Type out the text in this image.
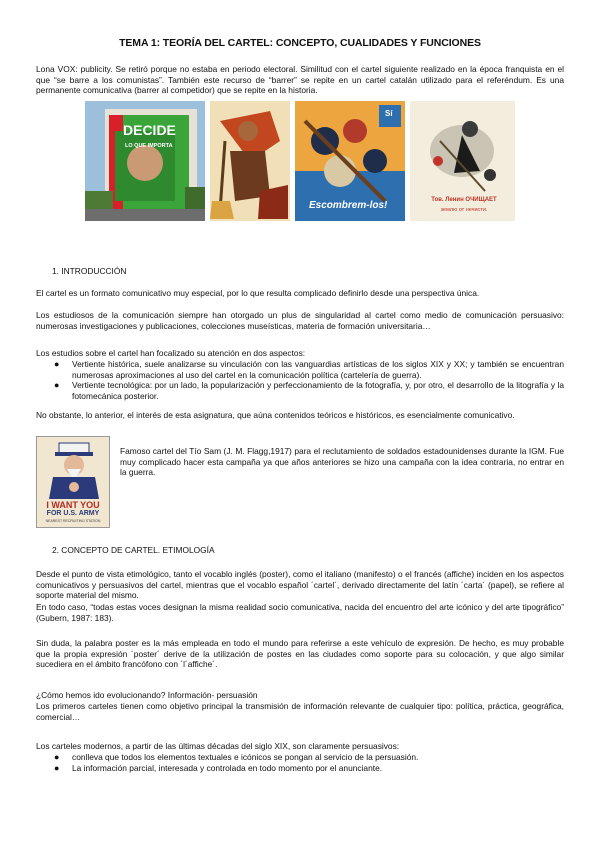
TEMA 1: TEORÍA DEL CARTEL: CONCEPTO, CUALIDADES Y FUNCIONES
Lona VOX: publicity. Se retiró porque no estaba en periodo electoral. Similitud con el cartel siguiente realizado en la época franquista en el que “se barre a los comunistas”. También este recurso de “barrer” se repite en un cartel catalán utilizado para el referéndum. Es una permanente comunicativa (barrer al competidor) que se repite en la historia.
DECIDE
LO QUE IMPORTA
Sí
Escombrem-los!	Тов. Ленин ОЧИЩАЕТ
землю от нечисти.
1. INTRODUCCIÓN
El cartel es un formato comunicativo muy especial, por lo que resulta complicado definirlo desde una perspectiva única.
Los estudiosos de la comunicación siempre han otorgado un plus de singularidad al cartel como medio de comunicación persuasivo: numerosas investigaciones y publicaciones, colecciones museísticas, materia de formación universitaria…
Los estudios sobre el cartel han focalizado su atención en dos aspectos:
● Vertiente histórica, suele analizarse su vinculación con las vanguardias artísticas de los siglos XIX y XX; y también se encuentran numerosas aproximaciones al uso del cartel en la comunicación política (cartelería de guerra).
● Vertiente tecnológica: por un lado, la popularización y perfeccionamiento de la fotografía, y, por otro, el desarrollo de la litografía y la fotomecánica posterior.
No obstante, lo anterior, el interés de esta asignatura, que aúna contenidos teóricos e históricos, es esencialmente comunicativo.
I WANT YOU
FOR U.S. ARMY
NEAREST RECRUITING STATION
Famoso cartel del Tío Sam (J. M. Flagg,1917) para el reclutamiento de soldados estadounidenses durante la IGM. Fue muy complicado hacer esta campaña ya que años anteriores se hizo una campaña con la idea contraria, no entrar en la guerra.
2. CONCEPTO DE CARTEL. ETIMOLOGÍA
Desde el punto de vista etimológico, tanto el vocablo inglés (poster), como el italiano (manifesto) o el francés (affiche) inciden en los aspectos comunicativos y persuasivos del cartel, mientras que el vocablo español ´cartel´, derivado directamente del latín ´carta´ (papel), se refiere al soporte material del mismo.
En todo caso, “todas estas voces designan la misma realidad socio comunicativa, nacida del encuentro del arte icónico y del arte tipográfico” (Gubern, 1987: 183).
Sin duda, la palabra poster es la más empleada en todo el mundo para referirse a este vehículo de expresión. De hecho, es muy probable que la propia expresión ´poster´ derive de la utilización de postes en las ciudades como soporte para su colocación, y que algo similar sucediera en el ámbito francófono con ´l´affiche´.
¿Cómo hemos ido evolucionando? Información- persuasión
Los primeros carteles tienen como objetivo principal la transmisión de información relevante de cualquier tipo: política, práctica, geográfica, comercial…
Los carteles modernos, a partir de las últimas décadas del siglo XIX, son claramente persuasivos:
● conlleva que todos los elementos textuales e icónicos se pongan al servicio de la persuasión.
● La información parcial, interesada y controlada en todo momento por el anunciante.
